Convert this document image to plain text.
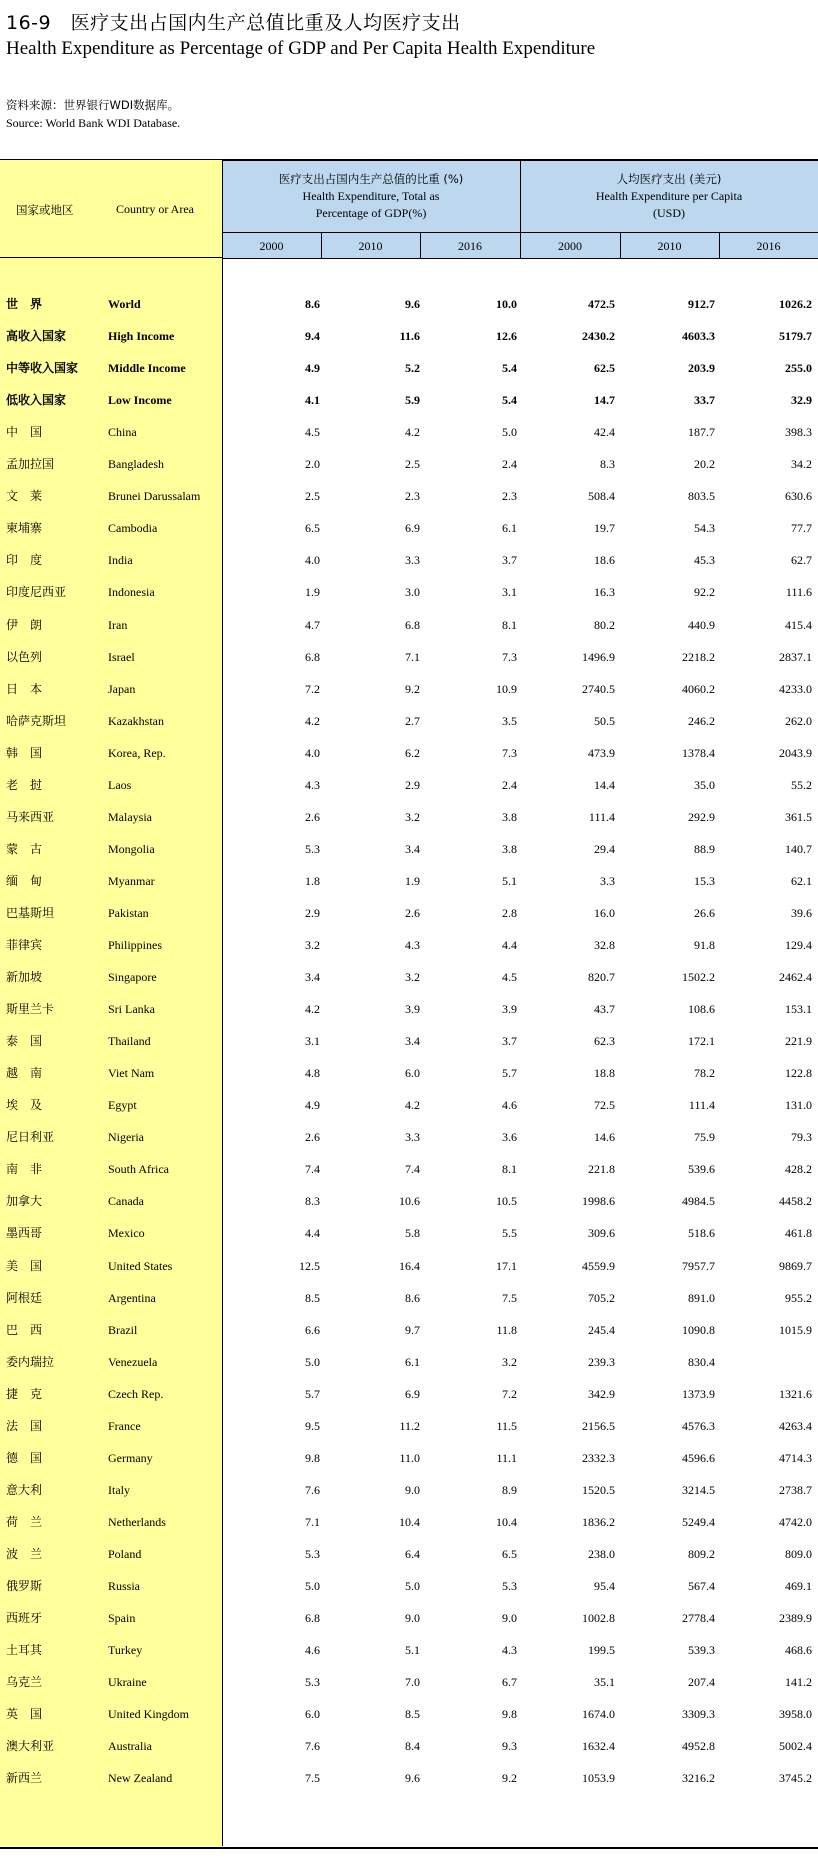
16-9　医疗支出占国内生产总值比重及人均医疗支出
Health Expenditure as Percentage of GDP and Per Capita Health Expenditure
资料来源：世界银行WDI数据库。
Source: World Bank WDI Database.
国家或地区	Country or Area
医疗支出占国内生产总值的比重 (%)
Health Expenditure, Total as
Percentage of GDP(%)
人均医疗支出 (美元)
Health Expenditure per Capita
(USD)
2000	2010	2016	2000	2010	2016
世　界	World	8.6	9.6	10.0	472.5	912.7	1026.2
高收入国家	High Income	9.4	11.6	12.6	2430.2	4603.3	5179.7
中等收入国家 Middle Income	4.9	5.2	5.4	62.5	203.9	255.0
低收入国家	Low Income	4.1	5.9	5.4	14.7	33.7	32.9
中　国	China	4.5	4.2	5.0	42.4	187.7	398.3
孟加拉国	Bangladesh	2.0	2.5	2.4	8.3	20.2	34.2
文　莱	Brunei Darussalam	2.5	2.3	2.3	508.4	803.5	630.6
柬埔寨	Cambodia	6.5	6.9	6.1	19.7	54.3	77.7
印　度	India	4.0	3.3	3.7	18.6	45.3	62.7
印度尼西亚	Indonesia	1.9	3.0	3.1	16.3	92.2	111.6
伊　朗	Iran	4.7	6.8	8.1	80.2	440.9	415.4
以色列	Israel	6.8	7.1	7.3	1496.9	2218.2	2837.1
日　本	Japan	7.2	9.2	10.9	2740.5	4060.2	4233.0
哈萨克斯坦	Kazakhstan	4.2	2.7	3.5	50.5	246.2	262.0
韩　国	Korea, Rep.	4.0	6.2	7.3	473.9	1378.4	2043.9
老　挝	Laos	4.3	2.9	2.4	14.4	35.0	55.2
马来西亚	Malaysia	2.6	3.2	3.8	111.4	292.9	361.5
蒙　古	Mongolia	5.3	3.4	3.8	29.4	88.9	140.7
缅　甸	Myanmar	1.8	1.9	5.1	3.3	15.3	62.1
巴基斯坦	Pakistan	2.9	2.6	2.8	16.0	26.6	39.6
菲律宾	Philippines	3.2	4.3	4.4	32.8	91.8	129.4
新加坡	Singapore	3.4	3.2	4.5	820.7	1502.2	2462.4
斯里兰卡	Sri Lanka	4.2	3.9	3.9	43.7	108.6	153.1
泰　国	Thailand	3.1	3.4	3.7	62.3	172.1	221.9
越　南	Viet Nam	4.8	6.0	5.7	18.8	78.2	122.8
埃　及	Egypt	4.9	4.2	4.6	72.5	111.4	131.0
尼日利亚	Nigeria	2.6	3.3	3.6	14.6	75.9	79.3
南　非	South Africa	7.4	7.4	8.1	221.8	539.6	428.2
加拿大	Canada	8.3	10.6	10.5	1998.6	4984.5	4458.2
墨西哥	Mexico	4.4	5.8	5.5	309.6	518.6	461.8
美　国	United States	12.5	16.4	17.1	4559.9	7957.7	9869.7
阿根廷	Argentina	8.5	8.6	7.5	705.2	891.0	955.2
巴　西	Brazil	6.6	9.7	11.8	245.4	1090.8	1015.9
委内瑞拉	Venezuela	5.0	6.1	3.2	239.3	830.4
捷　克	Czech Rep.	5.7	6.9	7.2	342.9	1373.9	1321.6
法　国	France	9.5	11.2	11.5	2156.5	4576.3	4263.4
德　国	Germany	9.8	11.0	11.1	2332.3	4596.6	4714.3
意大利	Italy	7.6	9.0	8.9	1520.5	3214.5	2738.7
荷　兰	Netherlands	7.1	10.4	10.4	1836.2	5249.4	4742.0
波　兰	Poland	5.3	6.4	6.5	238.0	809.2	809.0
俄罗斯	Russia	5.0	5.0	5.3	95.4	567.4	469.1
西班牙	Spain	6.8	9.0	9.0	1002.8	2778.4	2389.9
土耳其	Turkey	4.6	5.1	4.3	199.5	539.3	468.6
乌克兰	Ukraine	5.3	7.0	6.7	35.1	207.4	141.2
英　国	United Kingdom	6.0	8.5	9.8	1674.0	3309.3	3958.0
澳大利亚	Australia	7.6	8.4	9.3	1632.4	4952.8	5002.4
新西兰	New Zealand	7.5	9.6	9.2	1053.9	3216.2	3745.2
